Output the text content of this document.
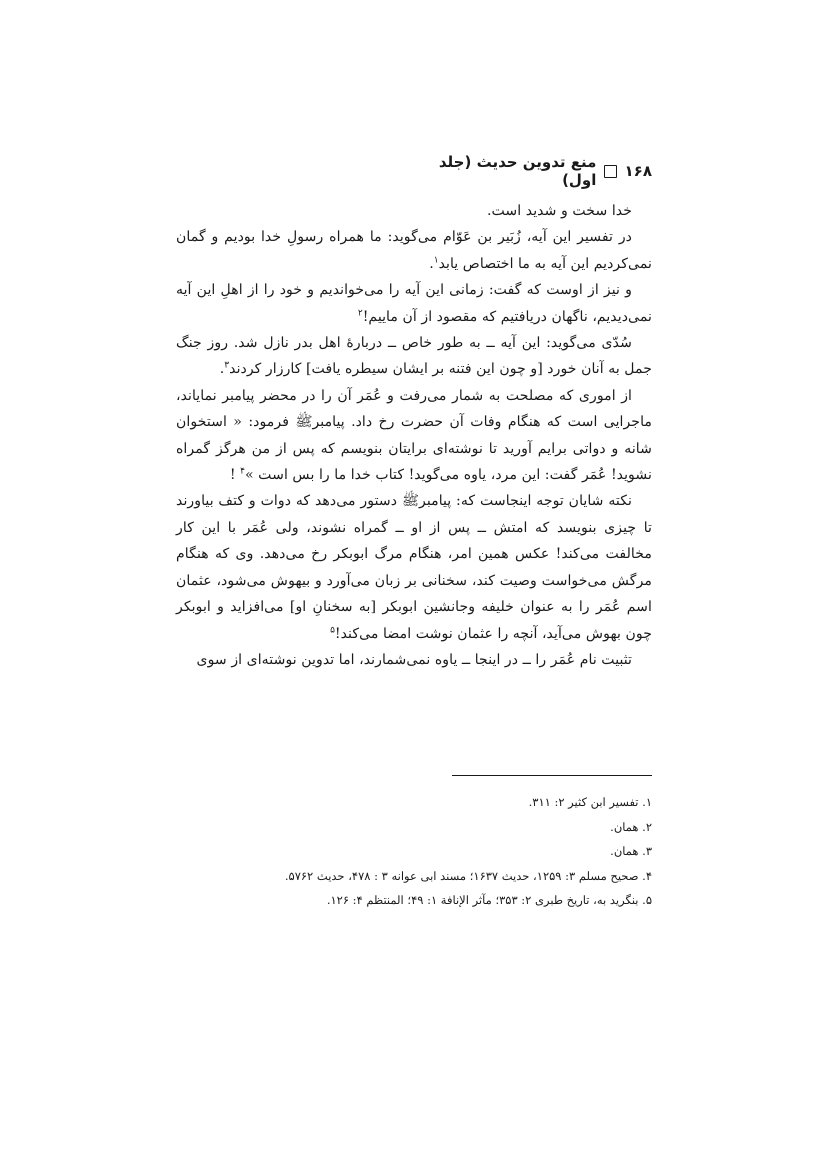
۱۶۸
منع تدوین حدیث (جلد اول)

خدا سخت و شدید است.

در تفسیر این آیه، زُبَیر بن عَوّام می‌گوید: ما همراه رسولِ خدا بودیم و گمان نمی‌کردیم این آیه به ما اختصاص یابد$^۱$.

و نیز از اوست که گفت: زمانی این آیه را می‌خواندیم و خود را از اهلِ این آیه نمی‌دیدیم، ناگهان دریافتیم که مقصود از آن ماییم!$^۲$

سُدّی می‌گوید: این آیه ــ به طور خاص ــ دربارهٔ اهل بدر نازل شد. روز جنگ جمل به آنان خورد [و چون این فتنه بر ایشان سیطره یافت] کارزار کردند$^۳$.

از اموری که مصلحت به شمار می‌رفت و عُمَر آن را در محضر پیامبر نمایاند، ماجرایی است که هنگام وفات آن حضرت رخ داد. پیامبرﷺ فرمود: « استخوان شانه و دواتی برایم آورید تا نوشته‌ای برایتان بنویسم که پس از من هرگز گمراه نشوید! عُمَر گفت: این مرد، یاوه می‌گوید! کتاب خدا ما را بس است »$^۴$ !

نکته شایان توجه اینجاست که: پیامبرﷺ دستور می‌دهد که دوات و کتف بیاورند تا چیزی بنویسد که امتش ــ پس از او ــ گمراه نشوند، ولی عُمَر با این کار مخالفت می‌کند! عکس همین امر، هنگام مرگ ابوبکر رخ می‌دهد. وی که هنگام مرگش می‌خواست وصیت کند، سخنانی بر زبان می‌آورد و بیهوش می‌شود، عثمان اسم عُمَر را به عنوان خلیفه وجانشین ابوبکر [به سخنانِ او] می‌افزاید و ابوبکر چون بهوش می‌آید، آنچه را عثمان نوشت امضا می‌کند!$^۵$

تثبیت نام عُمَر را ــ در اینجا ــ یاوه نمی‌شمارند، اما تدوین نوشته‌ای از سوی

۱. تفسیر ابن کثیر ۲: ۳۱۱.
۲. همان.
۳. همان.
۴. صحیح مسلم ۳: ۱۲۵۹، حدیث ۱۶۳۷؛ مسند ابی عوانه ۳ : ۴۷۸، حدیث ۵۷۶۲.
۵. بنگرید به، تاریخ طبری ۲: ۳۵۳؛ مآثر الإنافة ۱: ۴۹؛ المنتظم ۴: ۱۲۶.
